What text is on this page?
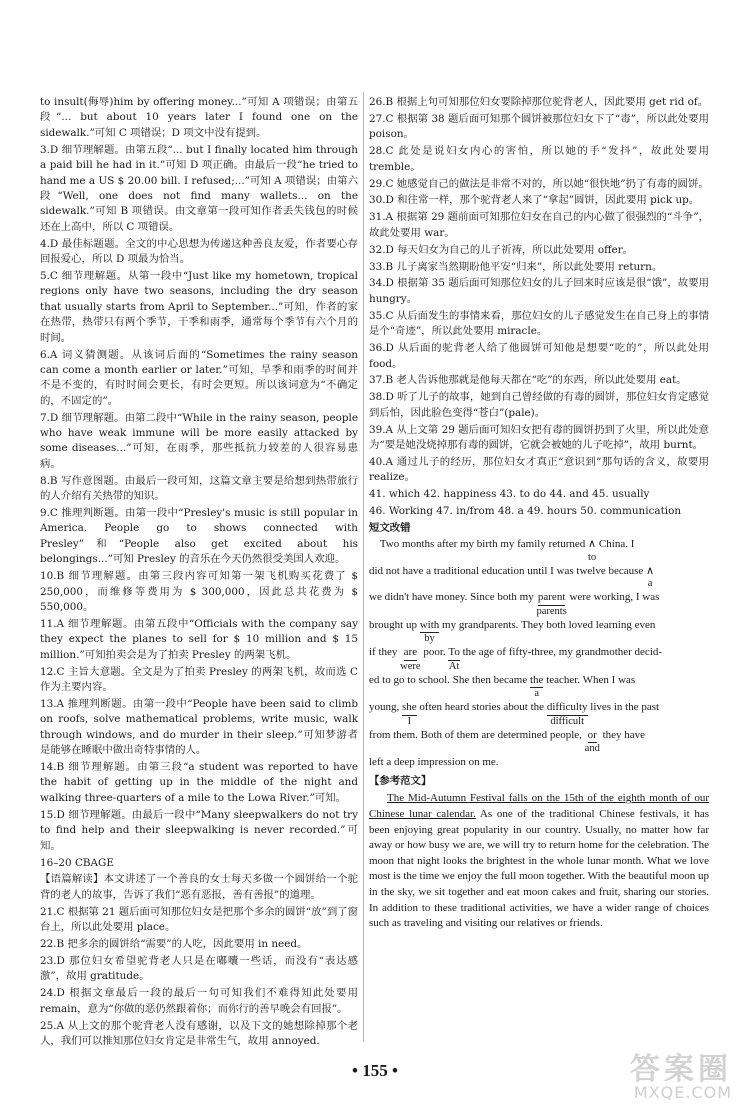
to insult(侮辱)him by offering money...”可知 A 项错误；由第五段“... but about 10 years later I found one on the sidewalk.”可知 C 项错误；D 项文中没有提到。
3.D 细节理解题。由第五段“... but I finally located him through a paid bill he had in it.”可知 D 项正确。由最后一段“he tried to hand me a US $ 20.00 bill. I refused;...”可知 A 项错误；由第六段“Well, one does not find many wallets... on the sidewalk.”可知 B 项错误。由文章第一段可知作者丢失钱包的时候还在上高中，所以 C 项错误。
4.D 最佳标题题。全文的中心思想为传递这种善良友爱，作者要心存回报爱心，所以 D 项最为恰当。
5.C 细节理解题。从第一段中“Just like my hometown, tropical regions only have two seasons, including the dry season that usually starts from April to September...”可知，作者的家在热带，热带只有两个季节，干季和雨季，通常每个季节有六个月的时间。
6.A 词义猜测题。从该词后面的“Sometimes the rainy season can come a month earlier or later.”可知，旱季和雨季的时间并不是不变的，有时时间会更长，有时会更短。所以该词意为“不确定的，不固定的”。
7.D 细节理解题。由第二段中“While in the rainy season, people who have weak immune will be more easily attacked by some diseases...”可知，在雨季，那些抵抗力较差的人很容易患病。
8.B 写作意图题。由最后一段可知，这篇文章主要是给想到热带旅行的人介绍有关热带的知识。
9.C 推理判断题。由第一段中“Presley's music is still popular in America. People go to shows connected with Presley”和“People also get excited about his belongings...”可知 Presley 的音乐在今天仍然很受美国人欢迎。
10.B 细节理解题。由第三段内容可知第一架飞机购买花费了 $ 250,000，而维修等费用为 $ 300,000，因此总共花费为 $ 550,000。
11.A 细节理解题。由第五段中“Officials with the company say they expect the planes to sell for $ 10 million and $ 15 million.”可知拍卖会是为了拍卖 Presley 的两架飞机。
12.C 主旨大意题。全文是为了拍卖 Presley 的两架飞机，故而选 C 作为主要内容。
13.A 推理判断题。由第一段中“People have been said to climb on roofs, solve mathematical problems, write music, walk through windows, and do murder in their sleep.”可知梦游者是能够在睡眠中做出奇特事情的人。
14.B 细节理解题。由第三段“a student was reported to have the habit of getting up in the middle of the night and walking three-quarters of a mile to the Lowa River.”可知。
15.D 细节理解题。由最后一段中“Many sleepwalkers do not try to find help and their sleepwalking is never recorded.”可知。
16–20 CBAGE
【语篇解读】本文讲述了一个善良的女士每天多做一个圆饼给一个驼背的老人的故事，告诉了我们“恶有恶报，善有善报”的道理。
21.C 根据第 21 题后面可知那位妇女是把那个多余的圆饼“放”到了窗台上，所以此处要用 place。
22.B 把多余的圆饼给“需要”的人吃，因此要用 in need。
23.D 那位妇女希望驼背老人只是在嘟囔一些话，而没有“表达感激”，故用 gratitude。
24.D 根据文章最后一段的最后一句可知我们不难得知此处要用 remain，意为“你做的恶仍然跟着你；而你行的善早晚会有回报”。
25.A 从上文的那个驼背老人没有感谢，以及下文的她想除掉那个老人，我们可以推知那位妇女肯定是非常生气，故用 annoyed.
26.B 根据上句可知那位妇女要除掉那位驼背老人，因此要用 get rid of。
27.C 根据第 38 题后面可知那个圆饼被那位妇女下了“毒”，所以此处要用 poison。
28.C 此处是说妇女内心的害怕，所以她的手“发抖”，故此处要用 tremble。
29.C 她感觉自己的做法是非常不对的，所以她“很快地”扔了有毒的圆饼。
30.D 和往常一样，那个驼背老人来了“拿起”圆饼，因此要用 pick up。
31.A 根据第 29 题前面可知那位妇女在自己的内心做了很强烈的“斗争”，故此处要用 war。
32.D 每天妇女为自己的儿子祈祷，所以此处要用 offer。
33.B 儿子离家当然期盼他平安“归来”，所以此处要用 return。
34.D 根据第 35 题后面可知那位妇女的儿子回来时应该是很“饿”，故要用 hungry。
35.C 从后面发生的事情来看，那位妇女的儿子感觉发生在自己身上的事情是个“奇迹”，所以此处要用 miracle。
36.D 从后面的驼背老人给了他圆饼可知他是想要“吃的”，所以此处用 food。
37.B 老人告诉他那就是他每天都在“吃”的东西，所以此处要用 eat。
38.D 听了儿子的故事，她到自己曾经做的有毒的圆饼，那位妇女肯定感觉到后怕，因此脸色变得“苍白”(pale)。
39.A 从上文第 29 题后面可知妇女把有毒的圆饼扔到了火里，所以此处意为“要是她没烧掉那有毒的圆饼，它就会被她的儿子吃掉”，故用 burnt。
40.A 通过儿子的经历，那位妇女才真正“意识到”那句话的含义，故要用 realize。
41. which 42. happiness 43. to do 44. and 45. usually
46. Working 47. in/from 48. a 49. hours 50. communication
短文改错
Two months after my birth my family returned ∧
to
China. I
did not have a traditional education until I was twelve because ∧
a
we didn't have money. Since both my parent
parents
were working, I was
brought up with
by
my grandparents. They both loved learning even
if they are
were
poor. To
At
the age of fifty-three, my grandmother decid-
ed to go to school. She then became the
a
teacher. When I was
young, she
I
often heard stories about the difficulty
difficult
lives in the past
from them. Both of them are determined people, or
and
they have
left a deep impression on me.
【参考范文】

The Mid-Autumn Festival falls on the 15th of the eighth month of our Chinese lunar calendar. As one of the traditional Chinese festivals, it has been enjoying great popularity in our country. Usually, no matter how far away or how busy we are, we will try to return home for the celebration. The moon that night looks the brightest in the whole lunar month. What we love most is the time we enjoy the full moon together. With the beautiful moon up in the sky, we sit together and eat moon cakes and fruit, sharing our stories. In addition to these traditional activities, we have a wider range of choices such as traveling and visiting our relatives or friends.

• 155 •	答案圈
MXQE.COM
